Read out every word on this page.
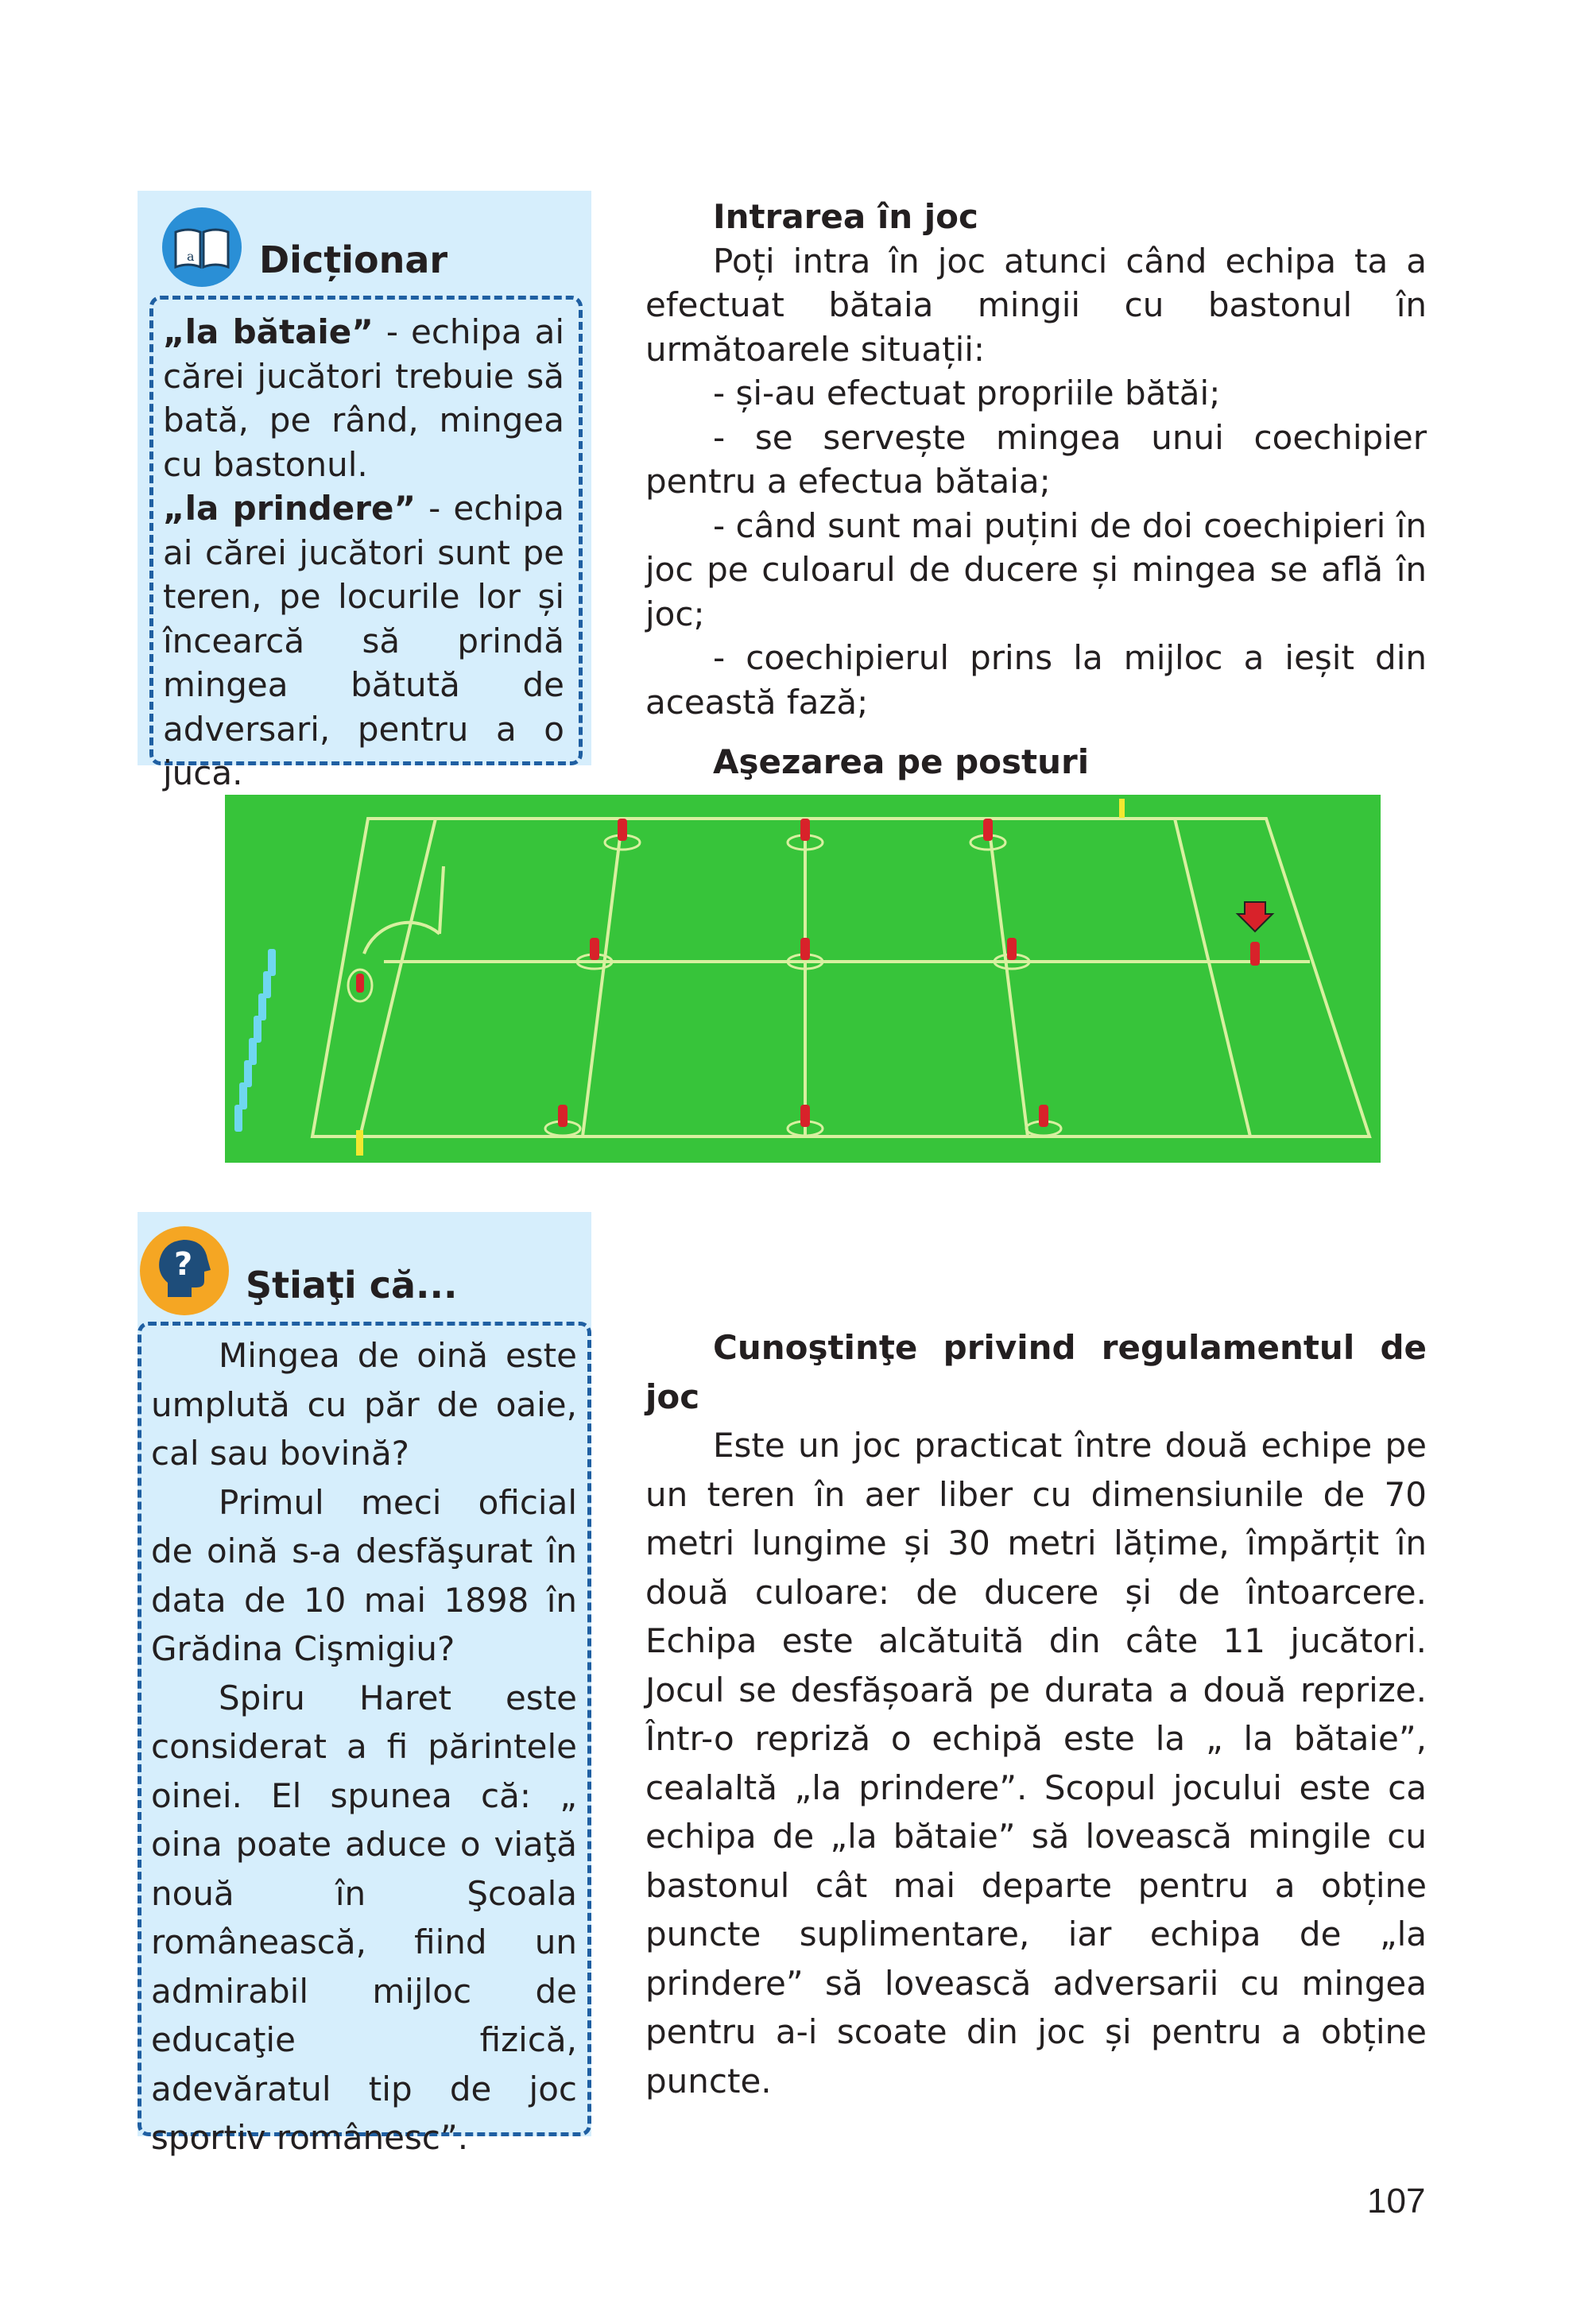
a Dicționar

„la bătaie” - echipa ai cărei jucători trebuie să bată, pe rând, mingea cu bastonul.

„la prindere” - echipa ai cărei jucători sunt pe teren, pe locurile lor și încearcă să prindă mingea bătută de adversari, pentru a o juca.

Intrarea în joc

Poți intra în joc atunci când echipa ta a efectuat bătaia mingii cu bastonul în următoarele situații:

- și-au efectuat propriile bătăi;

- se servește mingea unui coechipier pentru a efectua bătaia;

- când sunt mai puțini de doi coechipieri în joc pe culoarul de ducere și mingea se află în joc;

- coechipierul prins la mijloc a ieșit din această fază;

Aşezarea pe posturi

? Ştiaţi că...

Mingea de oină este umplută cu păr de oaie, cal sau bovină?

Primul meci oficial de oină s-a desfăşurat în data de 10 mai 1898 în Grădina Cişmigiu?

Spiru Haret este considerat a fi părintele oinei. El spunea că: „ oina poate aduce o viaţă nouă în Şcoala românească, fiind un admirabil mijloc de educaţie fizică, adevăratul tip de joc sportiv românesc”.

Cunoştinţe privind regulamentul de joc

Este un joc practicat între două echipe pe un teren în aer liber cu dimensiunile de 70 metri lungime și 30 metri lățime, împărțit în două culoare: de ducere și de întoarcere. Echipa este alcătuită din câte 11 jucători. Jocul se desfășoară pe durata a două reprize. Într-o repriză o echipă este la „ la bătaie”, cealaltă „la prindere”. Scopul jocului este ca echipa de „la bătaie” să lovească mingile cu bastonul cât mai departe pentru a obține puncte suplimentare, iar echipa de „la prindere” să lovească adversarii cu mingea pentru a-i scoate din joc și pentru a obține puncte.

107
